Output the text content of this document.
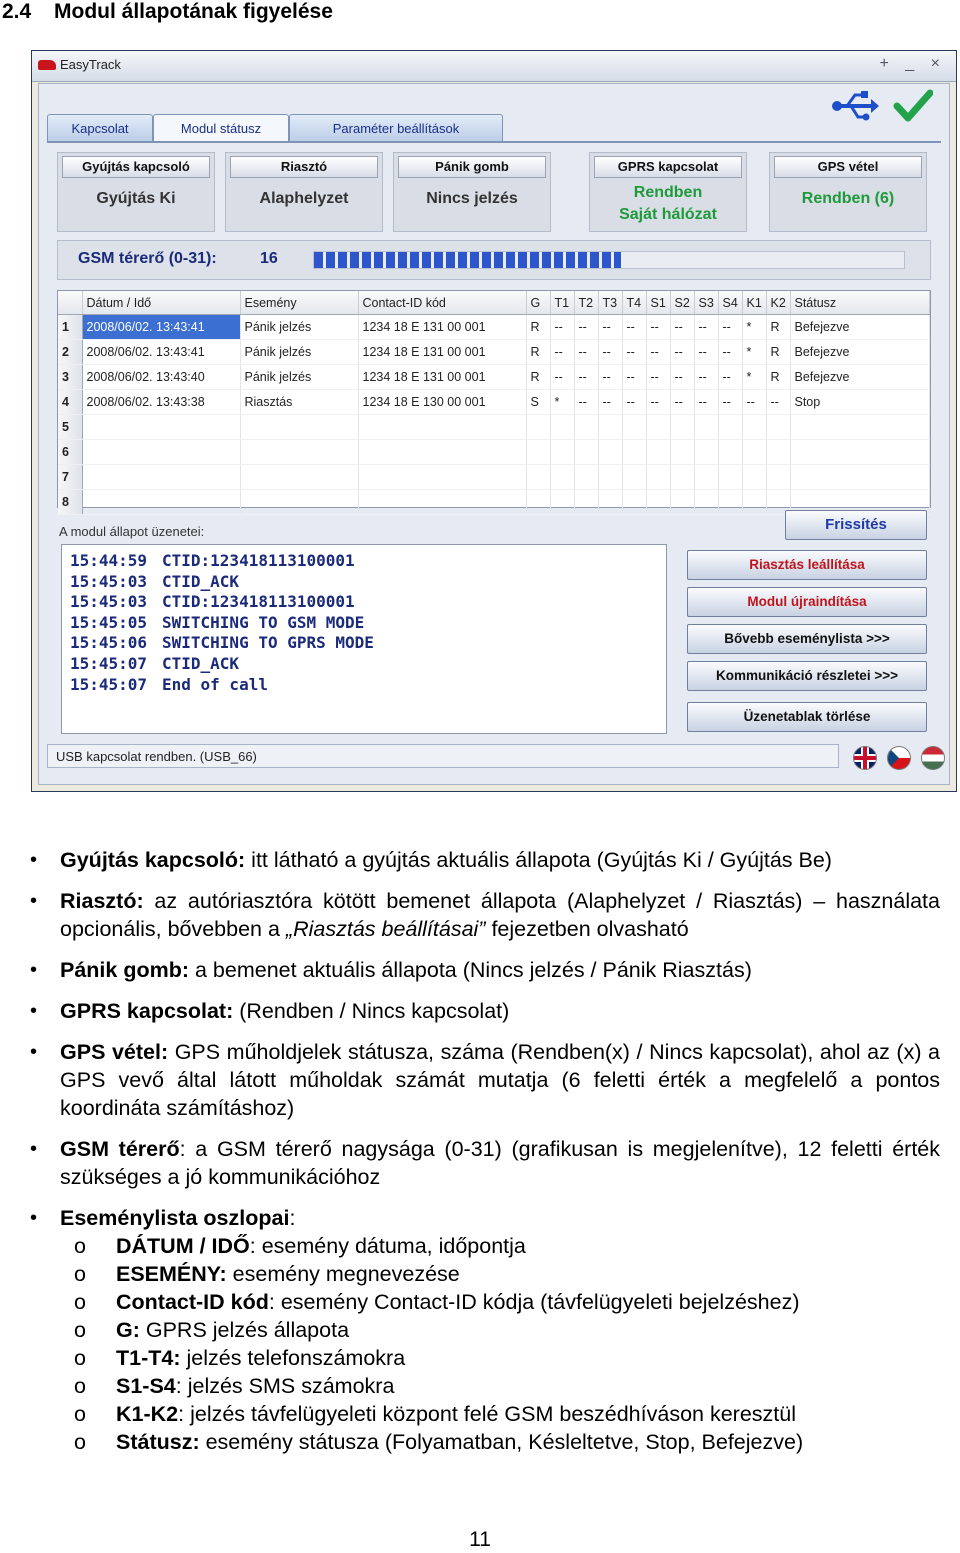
2.4 Modul állapotának figyelése
EasyTrack	+ _ ×
Kapcsolat	Modul státusz	Paraméter beállítások
Gyújtás kapcsoló
Gyújtás Ki
Riasztó
Alaphelyzet
Pánik gomb
Nincs jelzés
GPRS kapcsolat
Rendben
Saját hálózat
GPS vétel
Rendben (6)
GSM térerő (0-31):	16
	Dátum / Idő	Esemény	Contact-ID kód	G	T1	T2	T3	T4	S1	S2	S3	S4	K1	K2	Státusz
1	2008/06/02. 13:43:41	Pánik jelzés	1234 18 E 131 00 001	R	--	--	--	--	--	--	--	--	*	R	Befejezve
2	2008/06/02. 13:43:41	Pánik jelzés	1234 18 E 131 00 001	R	--	--	--	--	--	--	--	--	*	R	Befejezve
3	2008/06/02. 13:43:40	Pánik jelzés	1234 18 E 131 00 001	R	--	--	--	--	--	--	--	--	*	R	Befejezve
4	2008/06/02. 13:43:38	Riasztás	1234 18 E 130 00 001	S	*	--	--	--	--	--	--	--	--	--	Stop
5															
6															
7															
8															
A modul állapot üzenetei:
15:44:59 CTID:123418113100001
15:45:03 CTID_ACK
15:45:03 CTID:123418113100001
15:45:05 SWITCHING TO GSM MODE
15:45:06 SWITCHING TO GPRS MODE
15:45:07 CTID_ACK
15:45:07 End of call
Frissítés
Riasztás leállítása
Modul újraindítása
Bővebb eseménylista >>>
Kommunikáció részletei >>>
Üzenetablak törlése
USB kapcsolat rendben. (USB_66)
• Gyújtás kapcsoló: itt látható a gyújtás aktuális állapota (Gyújtás Ki / Gyújtás Be)
• Riasztó: az autóriasztóra kötött bemenet állapota (Alaphelyzet / Riasztás) – használata opcionális, bővebben a „Riasztás beállításai” fejezetben olvasható
• Pánik gomb: a bemenet aktuális állapota (Nincs jelzés / Pánik Riasztás)
• GPRS kapcsolat: (Rendben / Nincs kapcsolat)
• GPS vétel: GPS műholdjelek státusza, száma (Rendben(x) / Nincs kapcsolat), ahol az (x) a GPS vevő által látott műholdak számát mutatja (6 feletti érték a megfelelő a pontos koordináta számításhoz)
• GSM térerő: a GSM térerő nagysága (0-31) (grafikusan is megjelenítve), 12 feletti érték szükséges a jó kommunikációhoz
• Eseménylista oszlopai:
o DÁTUM / IDŐ: esemény dátuma, időpontja
o ESEMÉNY: esemény megnevezése
o Contact-ID kód: esemény Contact-ID kódja (távfelügyeleti bejelzéshez)
o G: GPRS jelzés állapota
o T1-T4: jelzés telefonszámokra
o S1-S4: jelzés SMS számokra
o K1-K2: jelzés távfelügyeleti központ felé GSM beszédhíváson keresztül
o Státusz: esemény státusza (Folyamatban, Késleltetve, Stop, Befejezve)
11
